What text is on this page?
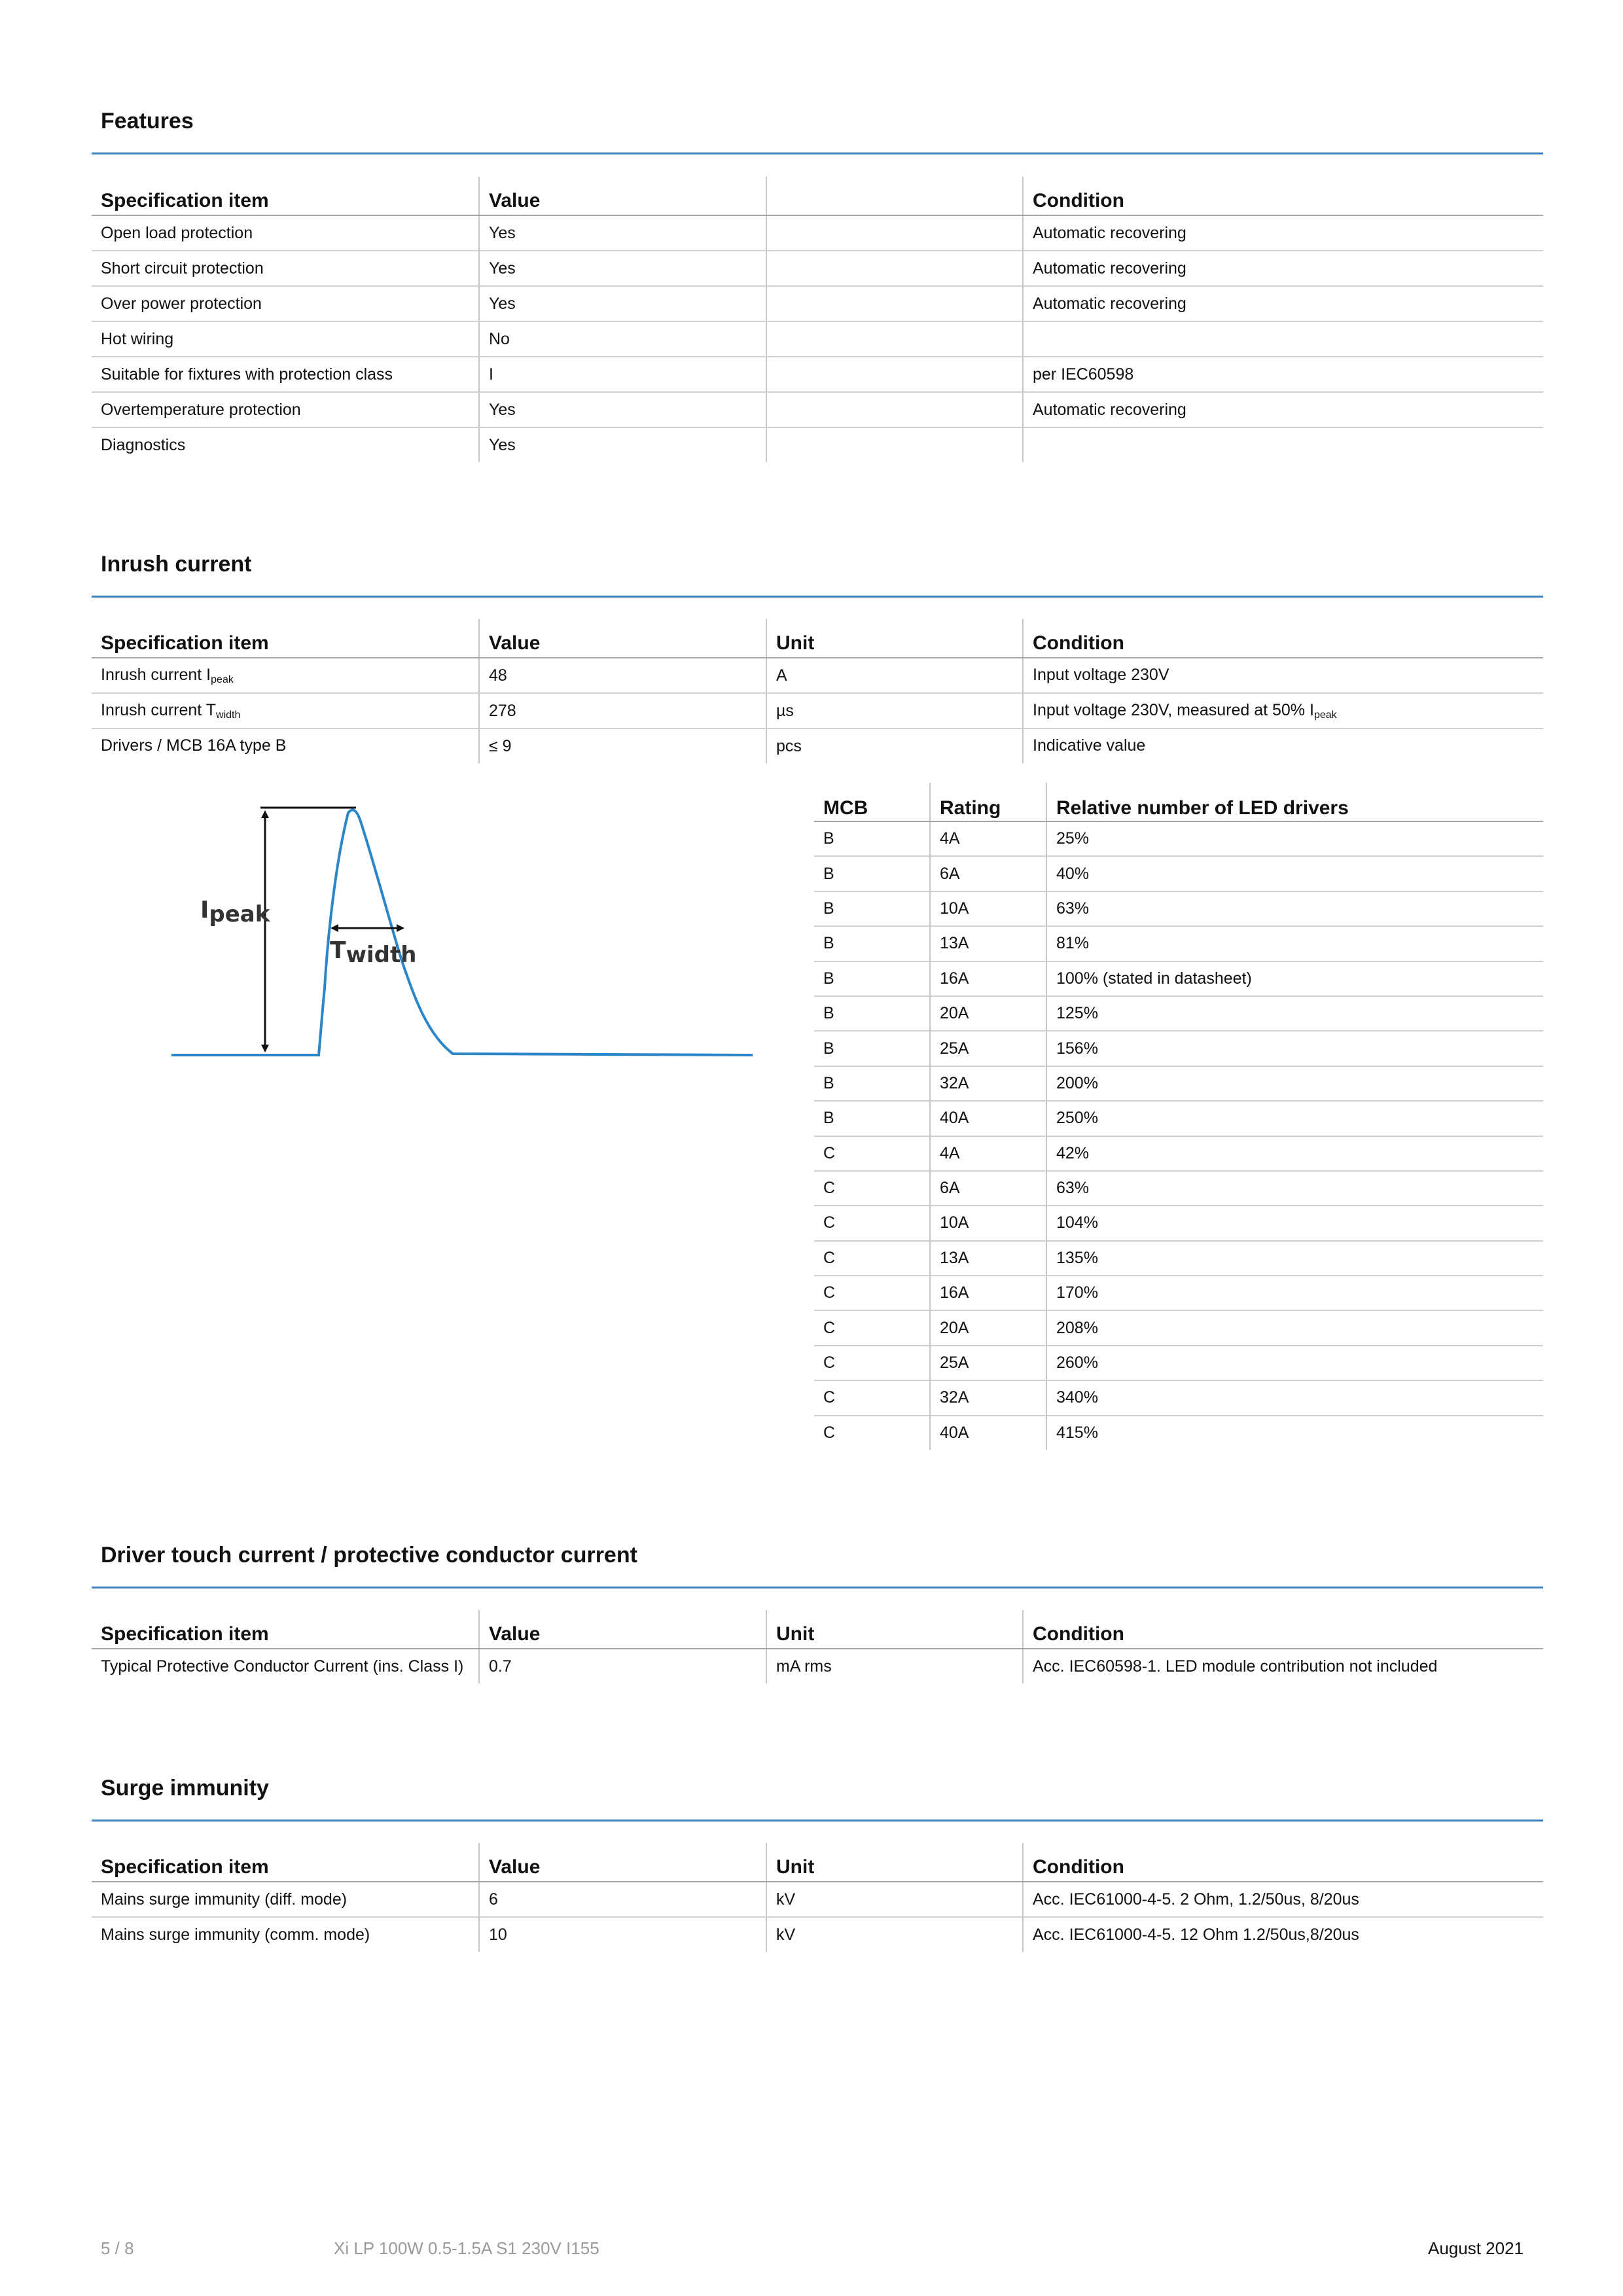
Features
Specification item	Value		Condition
Open load protection	Yes		Automatic recovering
Short circuit protection	Yes		Automatic recovering
Over power protection	Yes		Automatic recovering
Hot wiring	No		
Suitable for fixtures with protection class	I		per IEC60598
Overtemperature protection	Yes		Automatic recovering
Diagnostics	Yes		
Inrush current
Specification item	Value	Unit	Condition
Inrush current $I_{peak}$	48	A	Input voltage 230V
Inrush current $T_{width}$	278	µs	Input voltage 230V, measured at 50% $I_{peak}$
Drivers / MCB 16A type B	≤ 9	pcs	Indicative value
Ipeak
Twidth
MCB	Rating	Relative number of LED drivers
B	4A	25%
B	6A	40%
B	10A	63%
B	13A	81%
B	16A	100% (stated in datasheet)
B	20A	125%
B	25A	156%
B	32A	200%
B	40A	250%
C	4A	42%
C	6A	63%
C	10A	104%
C	13A	135%
C	16A	170%
C	20A	208%
C	25A	260%
C	32A	340%
C	40A	415%
Driver touch current / protective conductor current
Specification item	Value	Unit	Condition
Typical Protective Conductor Current (ins. Class I)	0.7	mA rms	Acc. IEC60598-1. LED module contribution not included
Surge immunity
Specification item	Value	Unit	Condition
Mains surge immunity (diff. mode)	6	kV	Acc. IEC61000-4-5. 2 Ohm, 1.2/50us, 8/20us
Mains surge immunity (comm. mode)	10	kV	Acc. IEC61000-4-5. 12 Ohm 1.2/50us,8/20us
5 / 8	Xi LP 100W 0.5-1.5A S1 230V I155	August 2021
